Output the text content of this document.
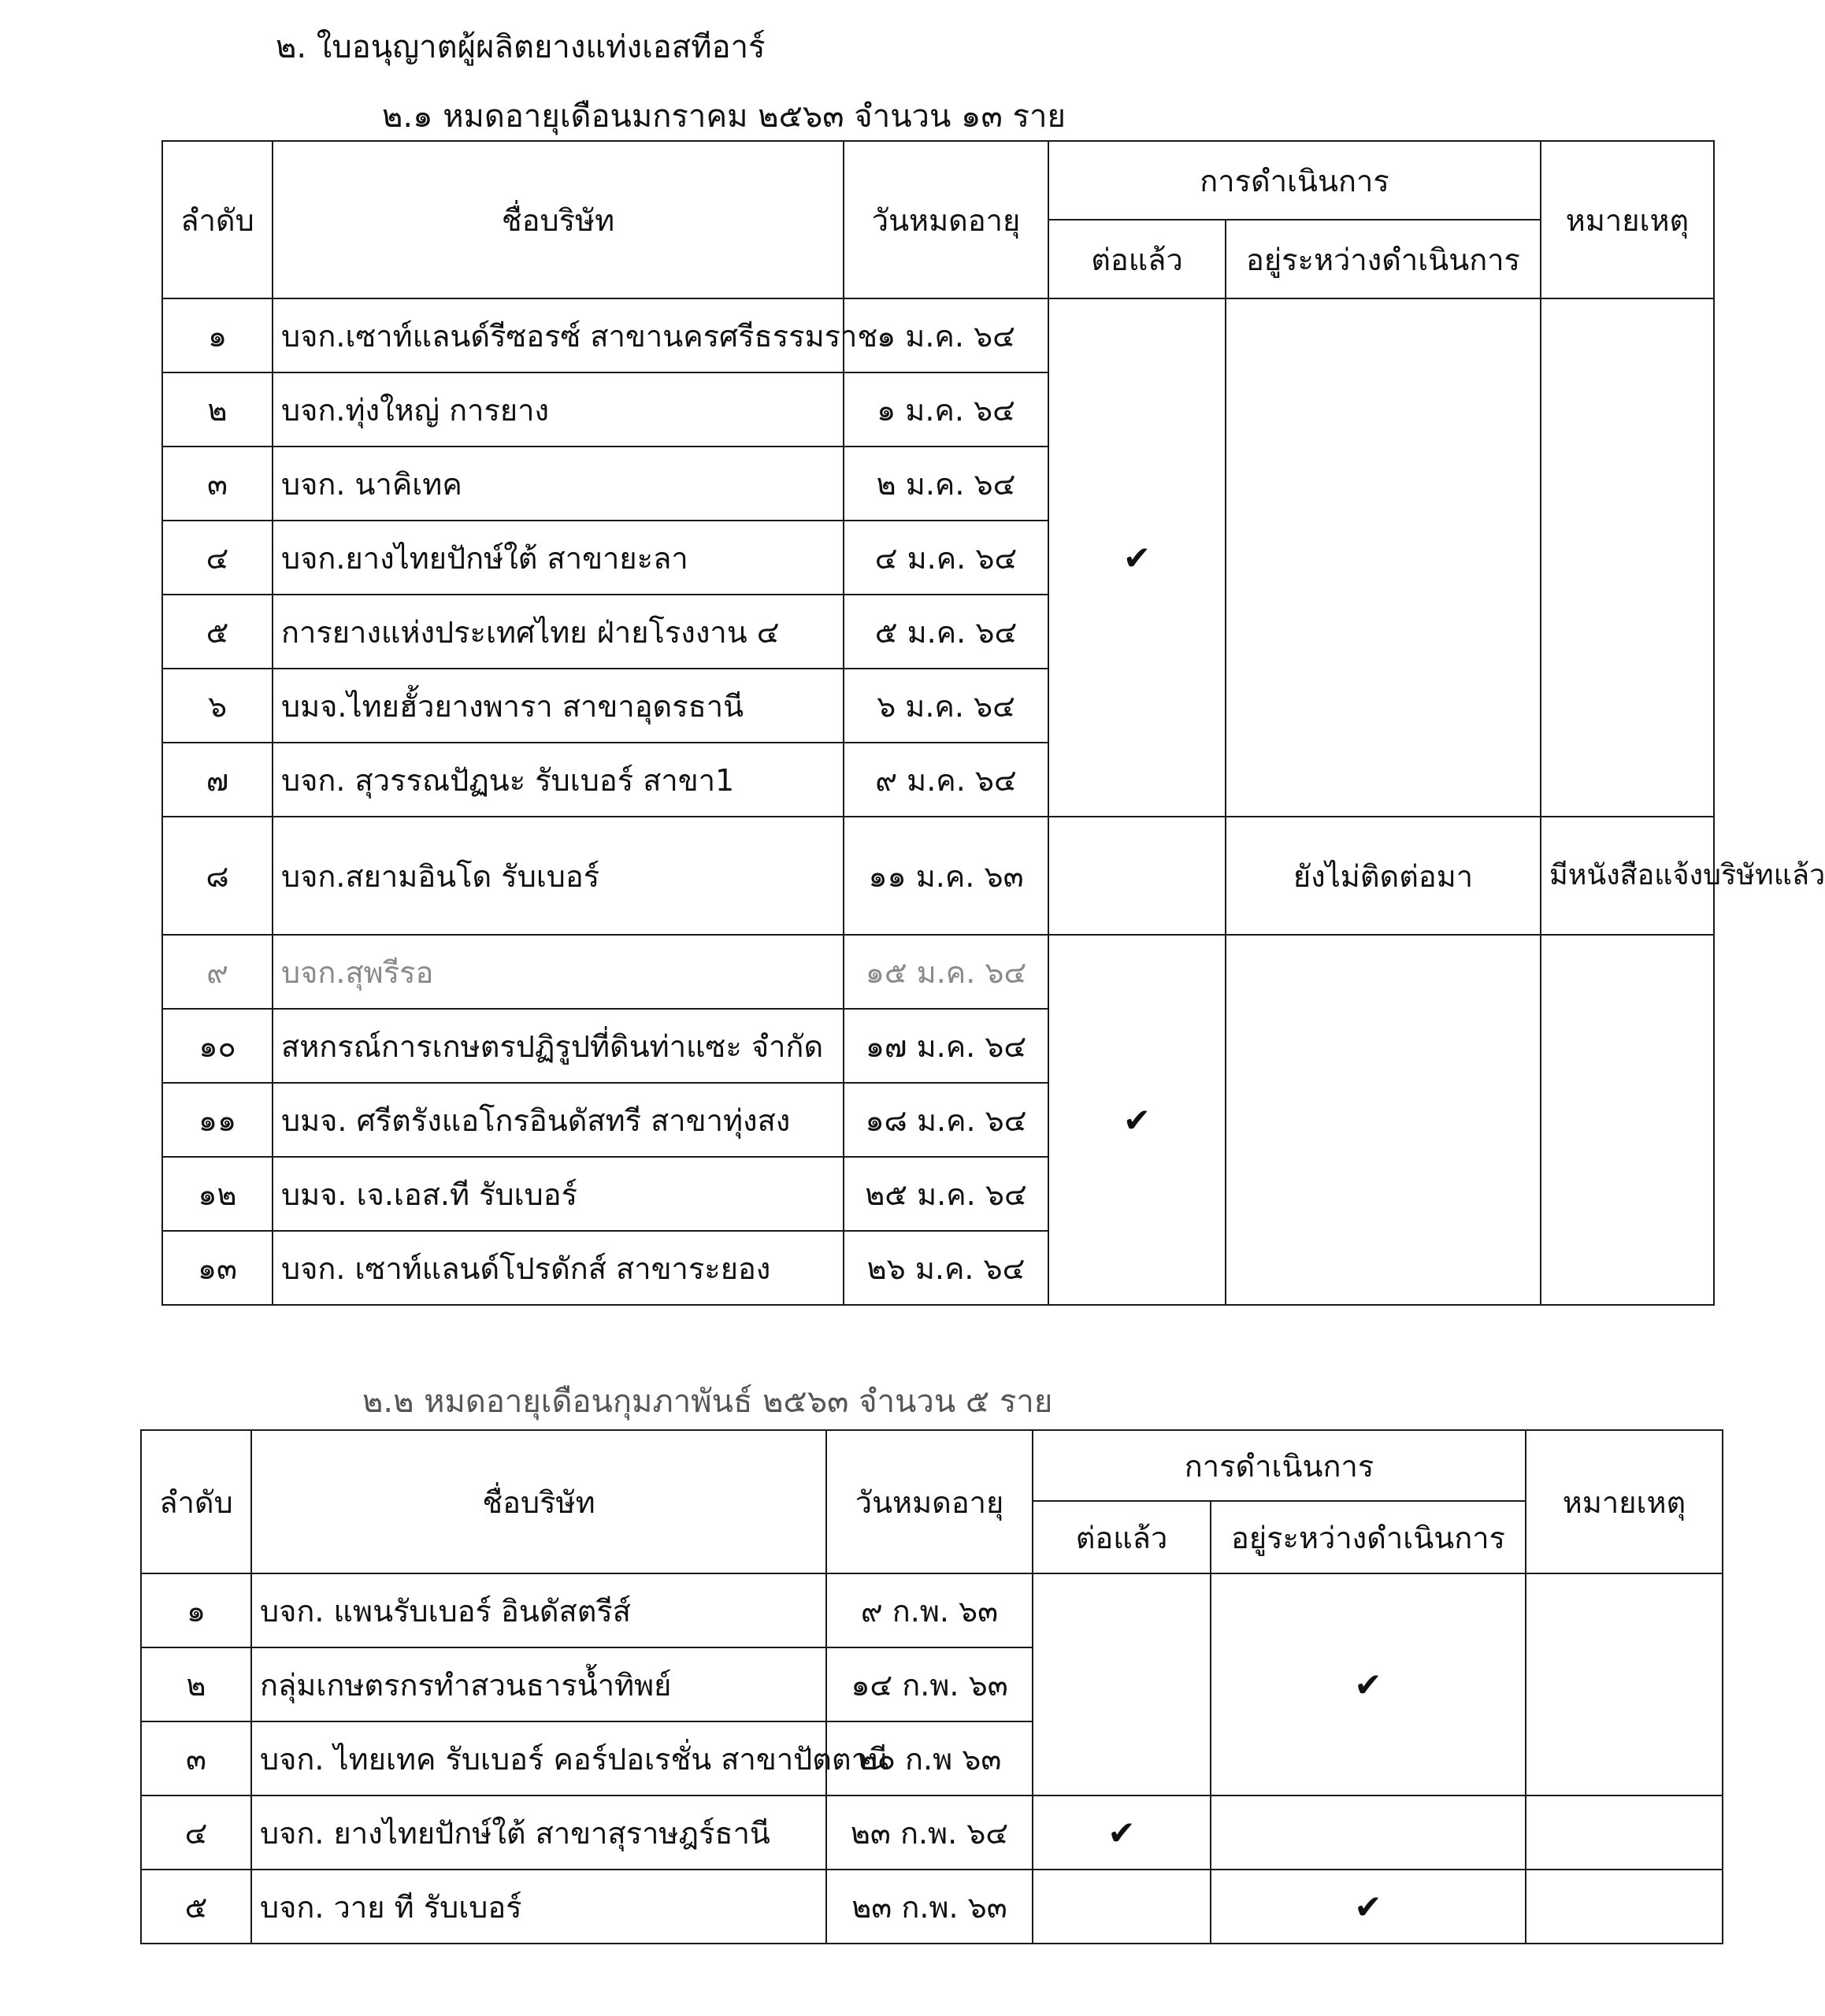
๒. ใบอนุญาตผู้ผลิตยางแท่งเอสทีอาร์
๒.๑ หมดอายุเดือนมกราคม ๒๕๖๓ จำนวน ๑๓ ราย
ลำดับ	ชื่อบริษัท	วันหมดอายุ	การดำเนินการ		หมายเหตุ
			ต่อแล้ว	อยู่ระหว่างดำเนินการ	
๑	บจก.เซาท์แลนด์รีซอรซ์ สาขานครศรีธรรมราช	๑ ม.ค. ๖๔	✔		
๒	บจก.ทุ่งใหญ่ การยาง	๑ ม.ค. ๖๔			
๓	บจก. นาคิเทค	๒ ม.ค. ๖๔			
๔	บจก.ยางไทยปักษ์ใต้ สาขายะลา	๔ ม.ค. ๖๔			
๕	การยางแห่งประเทศไทย ฝ่ายโรงงาน ๔	๕ ม.ค. ๖๔			
๖	บมจ.ไทยฮั้วยางพารา สาขาอุดรธานี	๖ ม.ค. ๖๔			
๗	บจก. สุวรรณปัฏนะ รับเบอร์ สาขา1	๙ ม.ค. ๖๔			
๘	บจก.สยามอินโด รับเบอร์	๑๑ ม.ค. ๖๓		ยังไม่ติดต่อมา	มีหนังสือแจ้งบริษัทแล้ว
๙	บจก.สุพรีรอ	๑๕ ม.ค. ๖๔	✔		
๑๐	สหกรณ์การเกษตรปฏิรูปที่ดินท่าแซะ จำกัด	๑๗ ม.ค. ๖๔			
๑๑	บมจ. ศรีตรังแอโกรอินดัสทรี สาขาทุ่งสง	๑๘ ม.ค. ๖๔			
๑๒	บมจ. เจ.เอส.ที รับเบอร์	๒๕ ม.ค. ๖๔			
๑๓	บจก. เซาท์แลนด์โปรดักส์ สาขาระยอง	๒๖ ม.ค. ๖๔			
๒.๒ หมดอายุเดือนกุมภาพันธ์ ๒๕๖๓ จำนวน ๕ ราย
ลำดับ	ชื่อบริษัท	วันหมดอายุ	การดำเนินการ		หมายเหตุ
			ต่อแล้ว	อยู่ระหว่างดำเนินการ	
๑	บจก. แพนรับเบอร์ อินดัสตรีส์	๙ ก.พ. ๖๓		✔	
๒	กลุ่มเกษตรกรทำสวนธารน้ำทิพย์	๑๔ ก.พ. ๖๓			
๓	บจก. ไทยเทค รับเบอร์ คอร์ปอเรชั่น สาขาปัตตานี	๒๐ ก.พ ๖๓			
๔	บจก. ยางไทยปักษ์ใต้ สาขาสุราษฎร์ธานี	๒๓ ก.พ. ๖๔	✔		
๕	บจก. วาย ที รับเบอร์	๒๓ ก.พ. ๖๓		✔	
